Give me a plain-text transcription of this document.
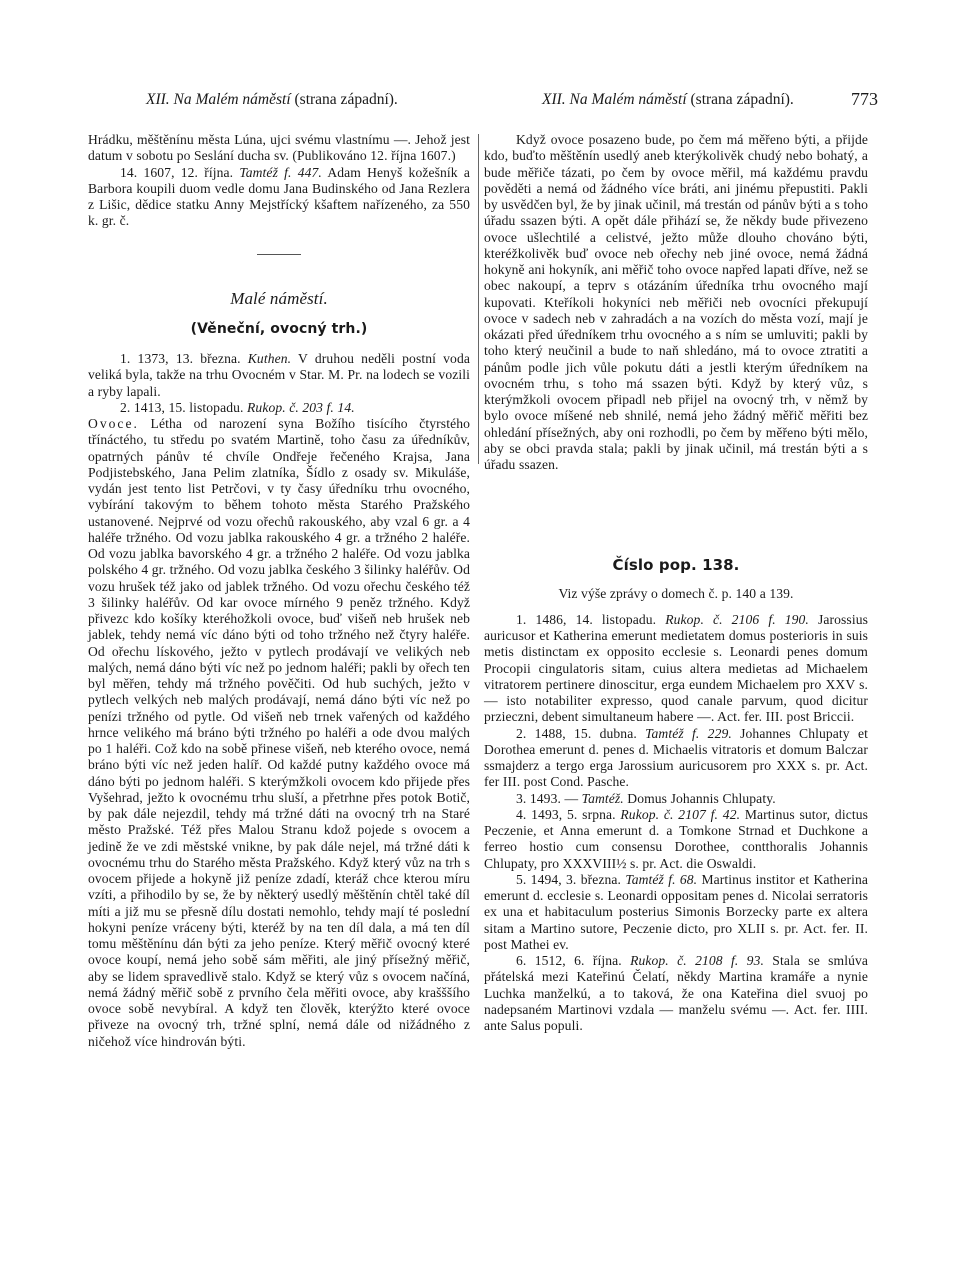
XII. Na Malém náměstí (strana západní).	XII. Na Malém náměstí (strana západní).	773

Hrádku, měštěnínu města Lúna, ujci svému vlastnímu —. Jehož jest datum v sobotu po Seslání ducha sv. (Publikováno 12. října 1607.)

14. 1607, 12. října. Tamtéž f. 447. Adam Henyš kožešník a Barbora koupili duom vedle domu Jana Budinského od Jana Rezlera z Lišic, dědice statku Anny Mejstřícký kšaftem nařízeného, za 550 k. gr. č.

Malé náměstí.
(Věneční, ovocný trh.)

1. 1373, 13. března. Kuthen. V druhou neděli postní voda veliká byla, takže na trhu Ovocném v Star. M. Pr. na lodech se vozili a ryby lapali.

2. 1413, 15. listopadu. Rukop. č. 203 f. 14.

Ovoce. Létha od narození syna Božího tisícího čtyrstého třínáctého, tu středu po svatém Martině, toho času za úředníkův, opatrných pánův té chvíle Ondřeje řečeného Krajsa, Jana Podjistebského, Jana Pelim zlatníka, Šídlo z osady sv. Mikuláše, vydán jest tento list Petrčovi, v ty časy úředníku trhu ovocného, vybírání takovým to během tohoto města Starého Pražského ustanovené. Nejprvé od vozu ořechů rakouského, aby vzal 6 gr. a 4 haléře tržného. Od vozu jablka rakouského 4 gr. a tržného 2 haléře. Od vozu jablka bavorského 4 gr. a tržného 2 haléře. Od vozu jablka polského 4 gr. tržného. Od vozu jablka českého 3 šilinky haléřův. Od vozu hrušek též jako od jablek tržného. Od vozu ořechu českého též 3 šilinky haléřův. Od kar ovoce mírného 9 peněz tržného. Když přivezc kdo košíky kteréhožkoli ovoce, buď višeň neb hrušek neb jablek, tehdy nemá víc dáno býti od toho tržného než čtyry haléře. Od ořechu lískového, ježto v pytlech prodávají ve velikých neb malých, nemá dáno býti víc než po jednom haléři; pakli by ořech ten byl měřen, tehdy má tržného pověčiti. Od hub suchých, ježto v pytlech velkých neb malých prodávají, nemá dáno býti víc než po penízi tržného od pytle. Od višeň neb trnek vařených od každého hrnce velikého má bráno býti tržného po haléři a ode dvou malých po 1 haléři. Což kdo na sobě přinese višeň, neb kterého ovoce, nemá bráno býti víc než jeden halíř. Od každé putny každého ovoce má dáno býti po jednom haléři. S kterýmžkoli ovocem kdo přijede přes Vyšehrad, ježto k ovocnému trhu sluší, a přetrhne přes potok Botič, by pak dále nejezdil, tehdy má tržné dáti na ovocný trh na Staré město Pražské. Též přes Malou Stranu kdož pojede s ovocem a jedině že ve zdi městské vnikne, by pak dále nejel, má tržné dáti k ovocnému trhu do Starého města Pražského. Když který vůz na trh s ovocem přijede a hokyně již peníze zdadí, kteráž chce kterou míru vzíti, a přihodilo by se, že by některý usedlý měštěnín chtěl také díl míti a již mu se přesně dílu dostati nemohlo, tehdy mají té poslední hokyni peníze vráceny býti, kteréž by na ten díl dala, a má ten díl tomu měštěnínu dán býti za jeho peníze. Který měřič ovocný které ovoce koupí, nemá jeho sobě sám měřiti, ale jiný přísežný měřič, aby se lidem spravedlivě stalo. Když se který vůz s ovocem načíná, nemá žádný měřič sobě z prvního čela měřiti ovoce, aby krašššího ovoce sobě nevybíral. A když ten člověk, kterýžto které ovoce přiveze na ovocný trh, tržné splní, nemá dále od nižádného z ničehož více hindrován býti.

Když ovoce posazeno bude, po čem má měřeno býti, a přijde kdo, buďto měštěnín usedlý aneb kterýkolivěk chudý nebo bohatý, a bude měřiče tázati, po čem by ovoce měřil, má každému pravdu pověděti a nemá od žádného více bráti, ani jinému přepustiti. Pakli by usvědčen byl, že by jinak učinil, má trestán od pánův býti a s toho úřadu ssazen býti. A opět dále přihází se, že někdy bude přivezeno ovoce ušlechtilé a celistvé, ježto může dlouho chováno býti, kteréžkolivěk buď ovoce neb ořechy neb jiné ovoce, nemá žádná hokyně ani hokyník, ani měřič toho ovoce napřed lapati dříve, než se obec nakoupí, a teprv s otázáním úředníka trhu ovocného mají kupovati. Kteříkoli hokyníci neb měřiči neb ovocníci překupují ovoce v sadech neb v zahradách a na vozích do města vozí, mají je okázati před úředníkem trhu ovocného a s ním se umluviti; pakli by toho který neučinil a bude to naň shledáno, má to ovoce ztratiti a pánům podle jich vůle pokutu dáti a jestli kterým úředníkem na ovocném trhu, s toho má ssazen býti. Když by který vůz, s kterýmžkoli ovocem připadl neb přijel na ovocný trh, v němž by bylo ovoce míšené neb shnilé, nemá jeho žádný měřič měřiti bez ohledání přísežných, aby oni rozhodli, po čem by měřeno býti mělo, aby se obci pravda stala; pakli by jinak učinil, má trestán býti a s úřadu ssazen.

Číslo pop. 138.

Viz výše zprávy o domech č. p. 140 a 139.

1. 1486, 14. listopadu. Rukop. č. 2106 f. 190. Jarossius auricusor et Katherina emerunt medietatem domus posterioris in suis metis distinctam ex opposito ecclesie s. Leonardi penes domum Procopii cingulatoris sitam, cuius altera medietas ad Michaelem vitratorem pertinere dinoscitur, erga eundem Michaelem pro XXV s. — isto notabiliter expresso, quod canale parvum, quod dicitur przieczni, debent simultaneum habere —. Act. fer. III. post Briccii.

2. 1488, 15. dubna. Tamtéž f. 229. Johannes Chlupaty et Dorothea emerunt d. penes d. Michaelis vitratoris et domum Balczar ssmajderz a tergo erga Jarossium auricusorem pro XXX s. pr. Act. fer III. post Cond. Pasche.

3. 1493. — Tamtéž. Domus Johannis Chlupaty.

4. 1493, 5. srpna. Rukop. č. 2107 f. 42. Martinus sutor, dictus Peczenie, et Anna emerunt d. a Tomkone Strnad et Duchkone a ferreo hostio cum consensu Dorothee, contthoralis Johannis Chlupaty, pro XXXVIII½ s. pr. Act. die Oswaldi.

5. 1494, 3. března. Tamtéž f. 68. Martinus institor et Katherina emerunt d. ecclesie s. Leonardi oppositam penes d. Nicolai serratoris ex una et habitaculum posterius Simonis Borzecky parte ex altera sitam a Martino sutore, Peczenie dicto, pro XLII s. pr. Act. fer. II. post Mathei ev.

6. 1512, 6. října. Rukop. č. 2108 f. 93. Stala se smlúva přátelská mezi Kateřinú Čelatí, někdy Martina kramáře a nynie Luchka manželkú, a to taková, že ona Kateřina diel svuoj po nadepsaném Martinovi vzdala — manželu svému —. Act. fer. IIII. ante Salus populi.
